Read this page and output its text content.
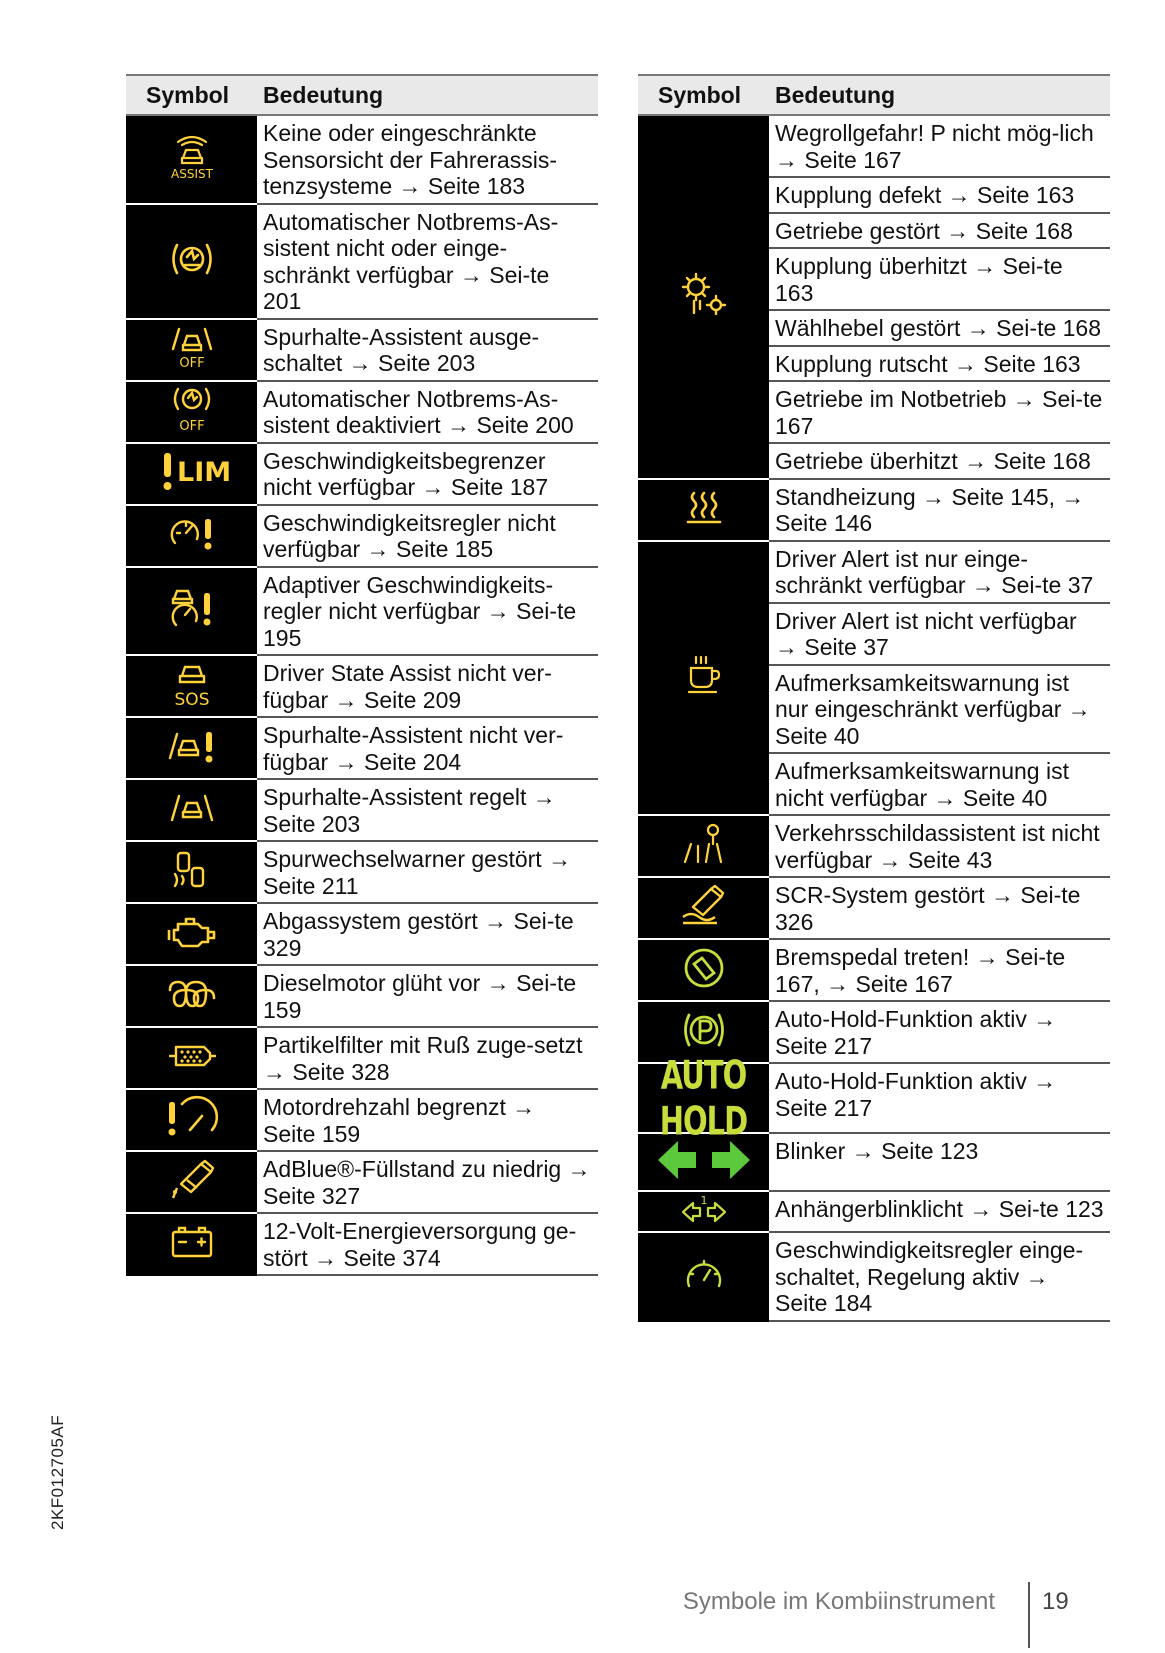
Symbol	Bedeutung

ASSIST	Keine oder eingeschränkte Sensorsicht der Fahrerassis-tenzsysteme → Seite 183

	Automatischer Notbrems-As-sistent nicht oder einge-schränkt verfügbar → Sei-te 201

OFF	Spurhalte-Assistent ausge-schaltet → Seite 203

OFF	Automatischer Notbrems-As-sistent deaktiviert → Seite 200

LIM	Geschwindigkeitsbegrenzer nicht verfügbar → Seite 187

	Geschwindigkeitsregler nicht verfügbar → Seite 185

	Adaptiver Geschwindigkeits-regler nicht verfügbar → Sei-te 195

SOS	Driver State Assist nicht ver-fügbar → Seite 209

	Spurhalte-Assistent nicht ver-fügbar → Seite 204

	Spurhalte-Assistent regelt → Seite 203

	Spurwechselwarner gestört → Seite 211

	Abgassystem gestört → Sei-te 329

	Dieselmotor glüht vor → Sei-te 159

	Partikelfilter mit Ruß zuge-setzt → Seite 328

	Motordrehzahl begrenzt → Seite 159

	AdBlue®-Füllstand zu niedrig → Seite 327

	12-Volt-Energieversorgung ge-stört → Seite 374
Symbol	Bedeutung

	Wegrollgefahr! P nicht mög-lich → Seite 167
	Kupplung defekt → Seite 163
	Getriebe gestört → Seite 168
	Kupplung überhitzt → Sei-te 163
	Wählhebel gestört → Sei-te 168
	Kupplung rutscht → Seite 163
	Getriebe im Notbetrieb → Sei-te 167
	Getriebe überhitzt → Seite 168

	Standheizung → Seite 145, → Seite 146

	Driver Alert ist nur einge-schränkt verfügbar → Sei-te 37
	Driver Alert ist nicht verfügbar → Seite 37
	Aufmerksamkeitswarnung ist nur eingeschränkt verfügbar → Seite 40
	Aufmerksamkeitswarnung ist nicht verfügbar → Seite 40

	Verkehrsschildassistent ist nicht verfügbar → Seite 43

	SCR-System gestört → Sei-te 326

	Bremspedal treten! → Sei-te 167, → Seite 167

	Auto-Hold-Funktion aktiv → Seite 217
AUTO HOLD	Auto-Hold-Funktion aktiv → Seite 217

	Blinker → Seite 123

1	Anhängerblinklicht → Sei-te 123

	Geschwindigkeitsregler einge-schaltet, Regelung aktiv → Seite 184
2KF012705AF
Symbole im Kombiinstrument 19
